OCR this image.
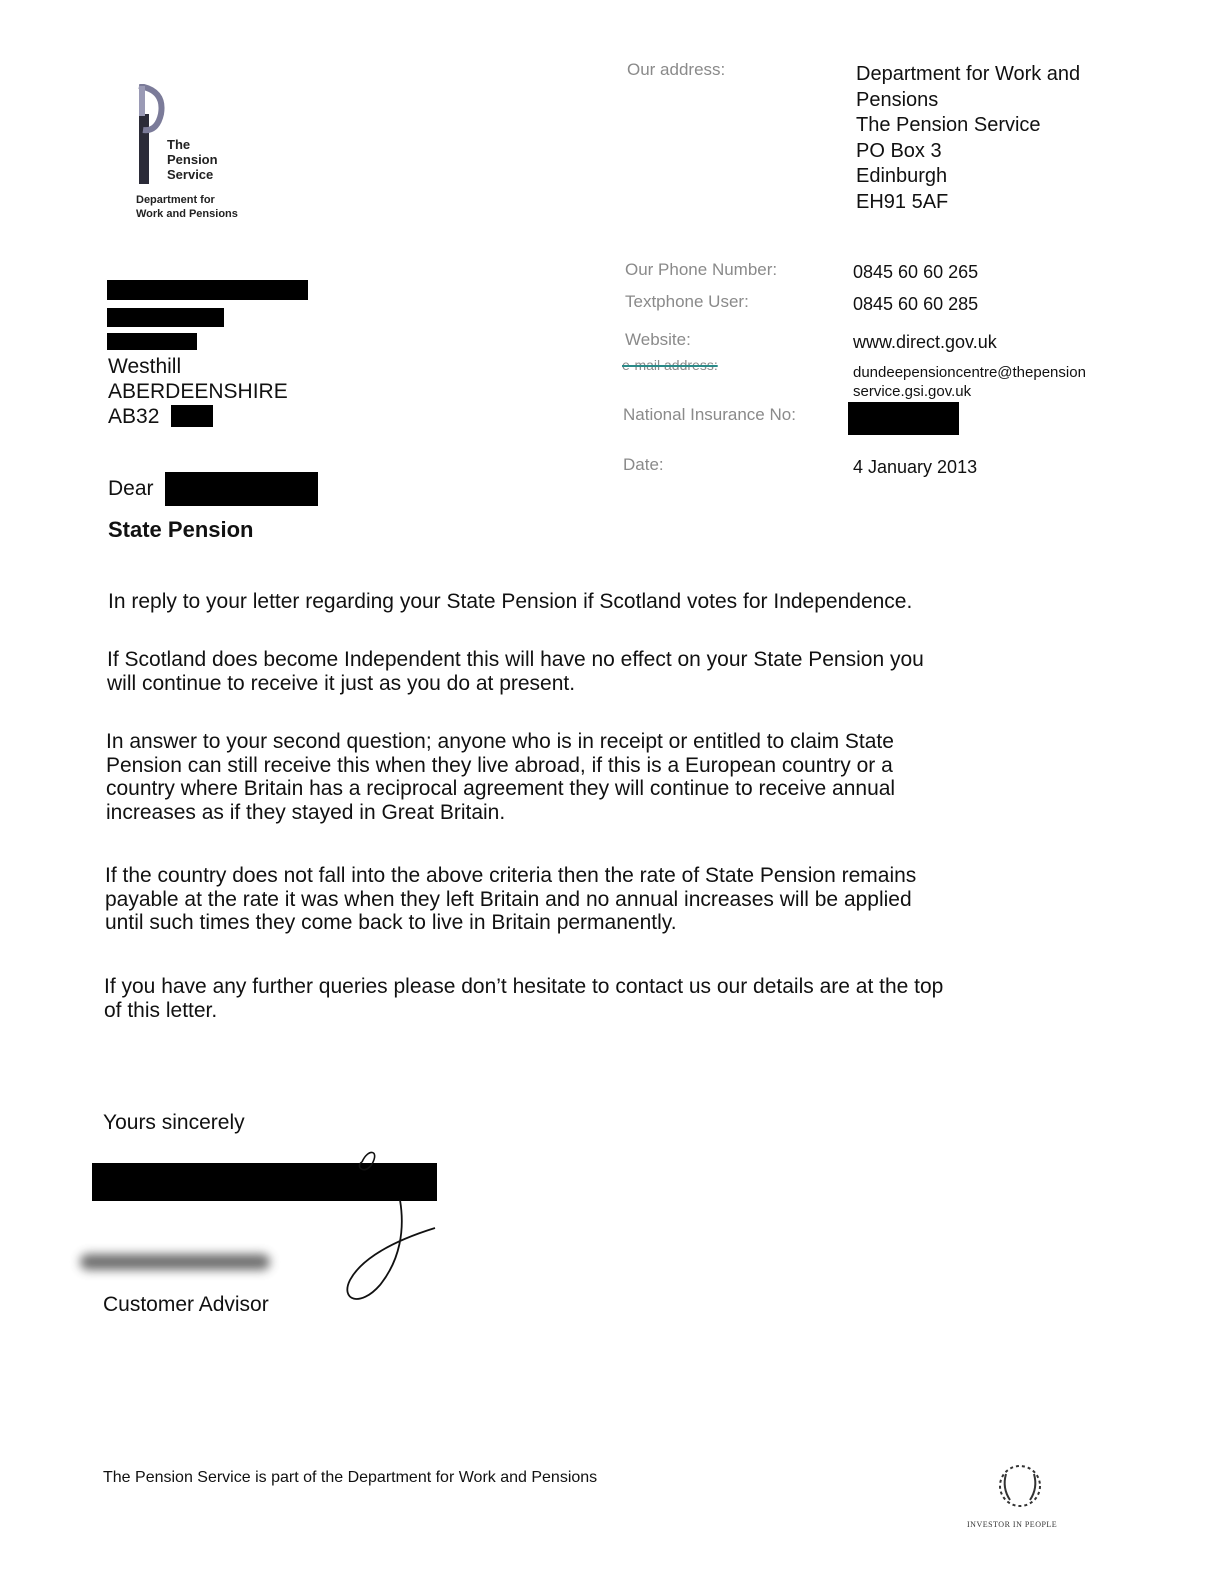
The
Pension
Service
Department for
Work and Pensions
Our address:	Department for Work and
Pensions
The Pension Service
PO Box 3
Edinburgh
EH91 5AF
Our Phone Number:	0845 60 60 265
Textphone User:	0845 60 60 285
Website:	www.direct.gov.uk
e-mail address:	dundeepensioncentre@thepension
service.gsi.gov.uk
National Insurance No:
Date:	4 January 2013
Westhill
ABERDEENSHIRE
AB32
Dear
State Pension
In reply to your letter regarding your State Pension if Scotland votes for Independence.
If Scotland does become Independent this will have no effect on your State Pension you
will continue to receive it just as you do at present.
In answer to your second question; anyone who is in receipt or entitled to claim State
Pension can still receive this when they live abroad, if this is a European country or a
country where Britain has a reciprocal agreement they will continue to receive annual
increases as if they stayed in Great Britain.
If the country does not fall into the above criteria then the rate of State Pension remains
payable at the rate it was when they left Britain and no annual increases will be applied
until such times they come back to live in Britain permanently.
If you have any further queries please don’t hesitate to contact us our details are at the top
of this letter.
Yours sincerely
Customer Advisor
The Pension Service is part of the Department for Work and Pensions
INVESTOR IN PEOPLE
